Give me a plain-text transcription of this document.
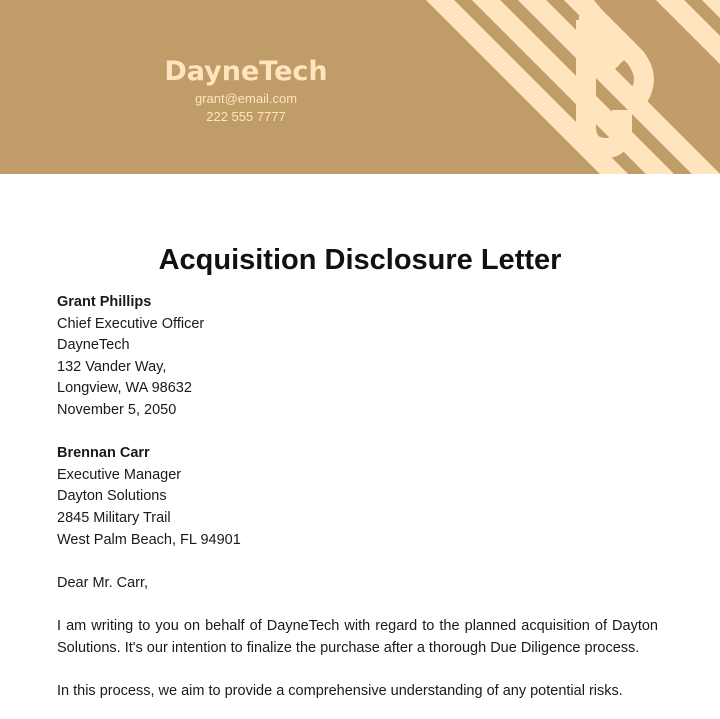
DayneTech
grant@email.com
222 555 7777
Acquisition Disclosure Letter
Grant Phillips
Chief Executive Officer
DayneTech
132 Vander Way,
Longview, WA 98632
November 5, 2050
Brennan Carr
Executive Manager
Dayton Solutions
2845 Military Trail
West Palm Beach, FL 94901
Dear Mr. Carr,
I am writing to you on behalf of DayneTech with regard to the planned acquisition of Dayton Solutions. It's our intention to finalize the purchase after a thorough Due Diligence process.
In this process, we aim to provide a comprehensive understanding of any potential risks.
